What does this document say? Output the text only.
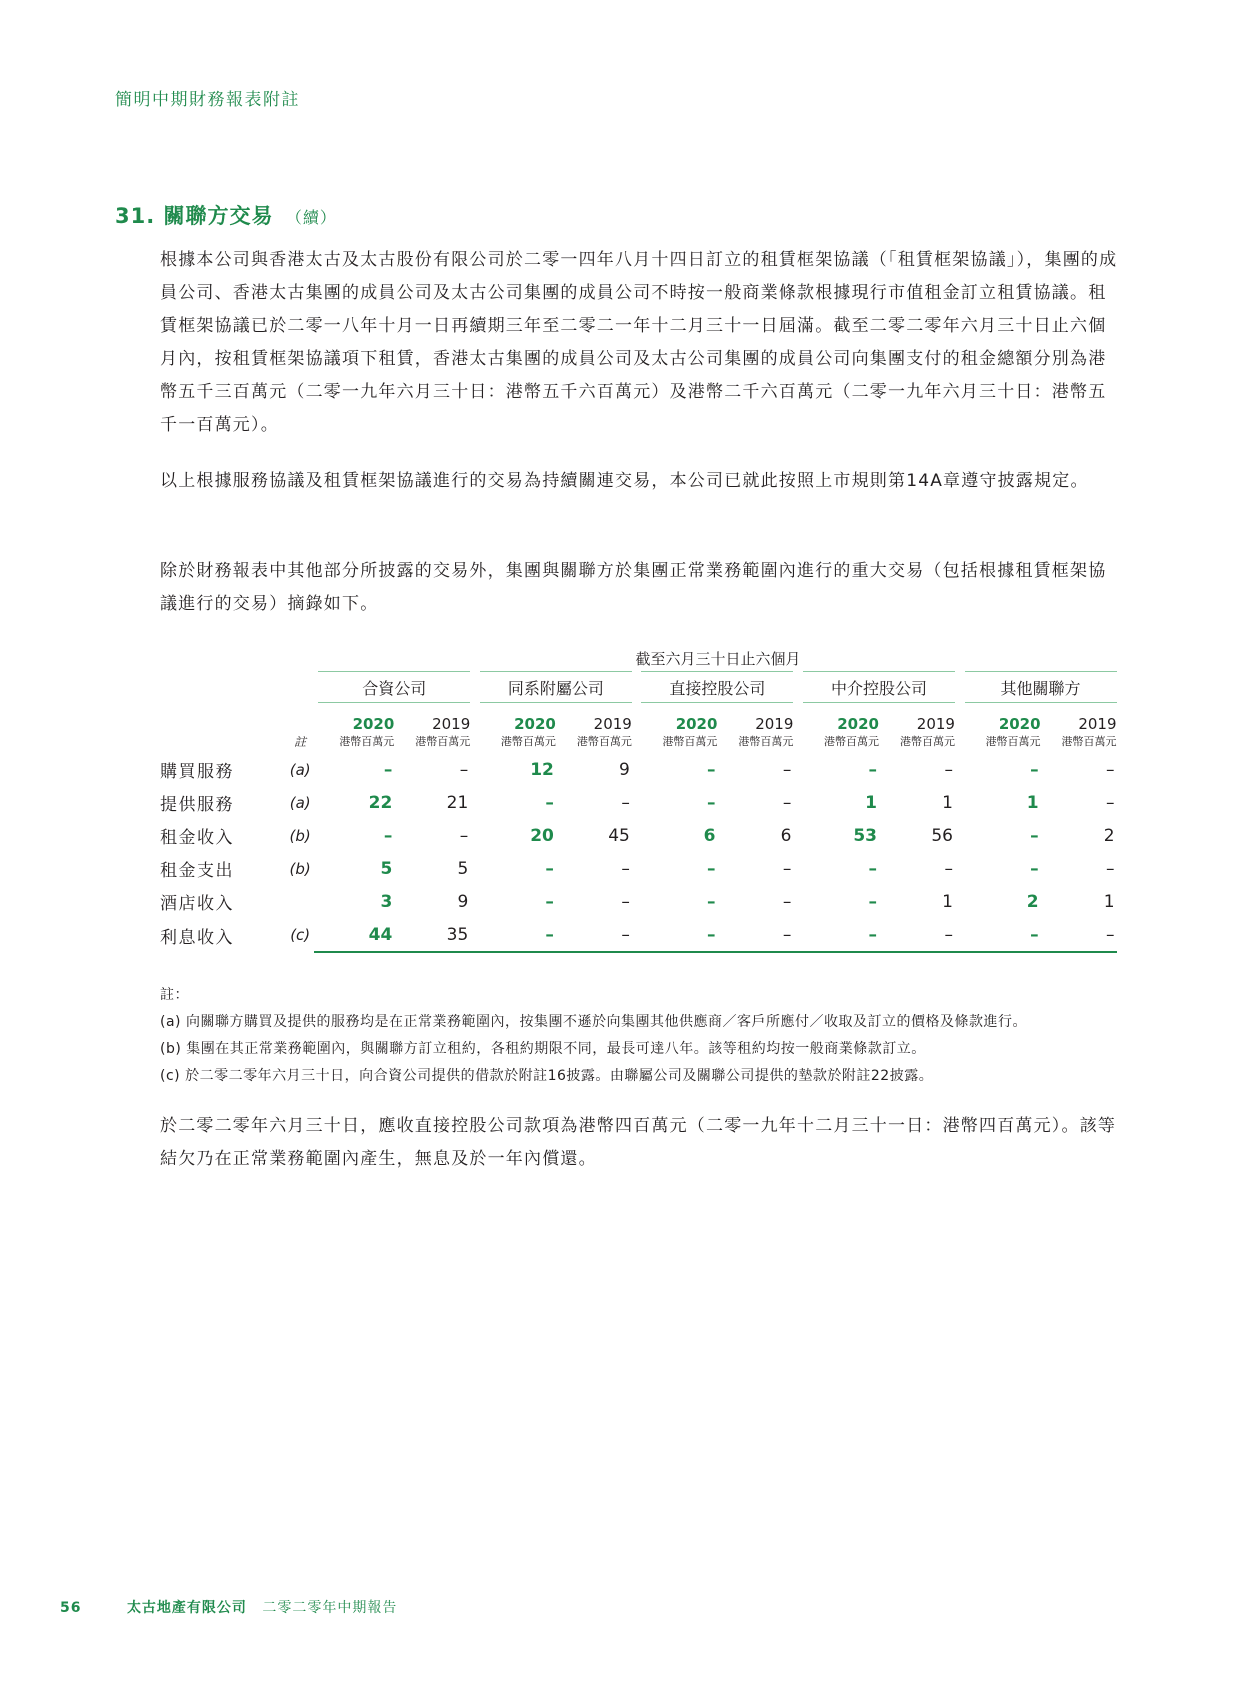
簡明中期財務報表附註
31. 關聯方交易 （續）

根據本公司與香港太古及太古股份有限公司於二零一四年八月十四日訂立的租賃框架協議（「租賃框架協議」），集團的成員公司、香港太古集團的成員公司及太古公司集團的成員公司不時按一般商業條款根據現行市值租金訂立租賃協議。租賃框架協議已於二零一八年十月一日再續期三年至二零二一年十二月三十一日屆滿。截至二零二零年六月三十日止六個月內，按租賃框架協議項下租賃，香港太古集團的成員公司及太古公司集團的成員公司向集團支付的租金總額分別為港幣五千三百萬元（二零一九年六月三十日：港幣五千六百萬元）及港幣二千六百萬元（二零一九年六月三十日：港幣五千一百萬元）。

以上根據服務協議及租賃框架協議進行的交易為持續關連交易，本公司已就此按照上市規則第14A章遵守披露規定。

除於財務報表中其他部分所披露的交易外，集團與關聯方於集團正常業務範圍內進行的重大交易（包括根據租賃框架協議進行的交易）摘錄如下。

		截至六月三十日止六個月															
			合資公司			同系附屬公司			直接控股公司			中介控股公司			其他關聯方		
			2020	2019		2020	2019		2020	2019		2020	2019		2020	2019	
	註		港幣百萬元	港幣百萬元		港幣百萬元	港幣百萬元		港幣百萬元	港幣百萬元		港幣百萬元	港幣百萬元		港幣百萬元	港幣百萬元	
購買服務	(a)		–	–		12	9		–	–		–	–		–	–	
提供服務	(a)		22	21		–	–		–	–		1	1		1	–	
租金收入	(b)		–	–		20	45		6	6		53	56		–	2	
租金支出	(b)		5	5		–	–		–	–		–	–		–	–	
酒店收入			3	9		–	–		–	–		–	1		2	1	
利息收入	(c)		44	35		–	–		–	–		–	–		–	–	
註：
(a) 向關聯方購買及提供的服務均是在正常業務範圍內，按集團不遜於向集團其他供應商／客戶所應付／收取及訂立的價格及條款進行。
(b) 集團在其正常業務範圍內，與關聯方訂立租約，各租約期限不同，最長可達八年。該等租約均按一般商業條款訂立。
(c) 於二零二零年六月三十日，向合資公司提供的借款於附註16披露。由聯屬公司及關聯公司提供的墊款於附註22披露。

於二零二零年六月三十日，應收直接控股公司款項為港幣四百萬元（二零一九年十二月三十一日：港幣四百萬元）。該等結欠乃在正常業務範圍內產生，無息及於一年內償還。

56	太古地產有限公司 二零二零年中期報告
